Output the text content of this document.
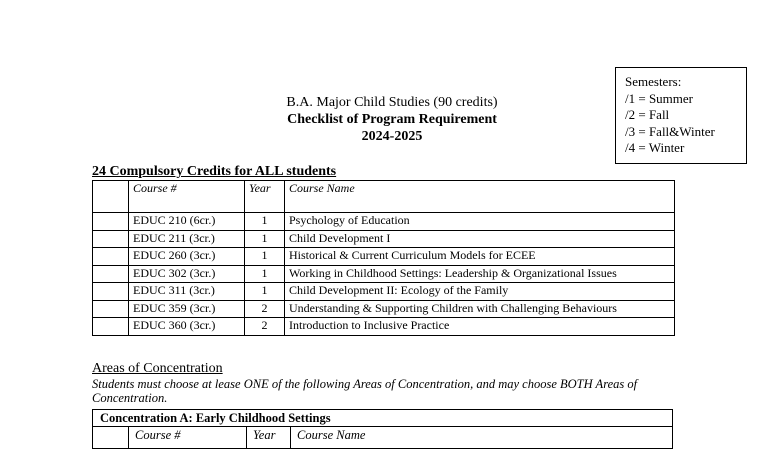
Semesters:
/1 = Summer
/2 = Fall
/3 = Fall&Winter
/4 = Winter
B.A. Major Child Studies (90 credits)
Checklist of Program Requirement
2024-2025
24 Compulsory Credits for ALL students
	Course #	Year	Course Name
	EDUC 210 (6cr.)	1	Psychology of Education
	EDUC 211 (3cr.)	1	Child Development I
	EDUC 260 (3cr.)	1	Historical & Current Curriculum Models for ECEE
	EDUC 302 (3cr.)	1	Working in Childhood Settings: Leadership & Organizational Issues
	EDUC 311 (3cr.)	1	Child Development II: Ecology of the Family
	EDUC 359 (3cr.)	2	Understanding & Supporting Children with Challenging Behaviours
	EDUC 360 (3cr.)	2	Introduction to Inclusive Practice
Areas of Concentration
Students must choose at lease ONE of the following Areas of Concentration, and may choose BOTH Areas of Concentration.
Concentration A: Early Childhood Settings
Course #	Year	Course Name
